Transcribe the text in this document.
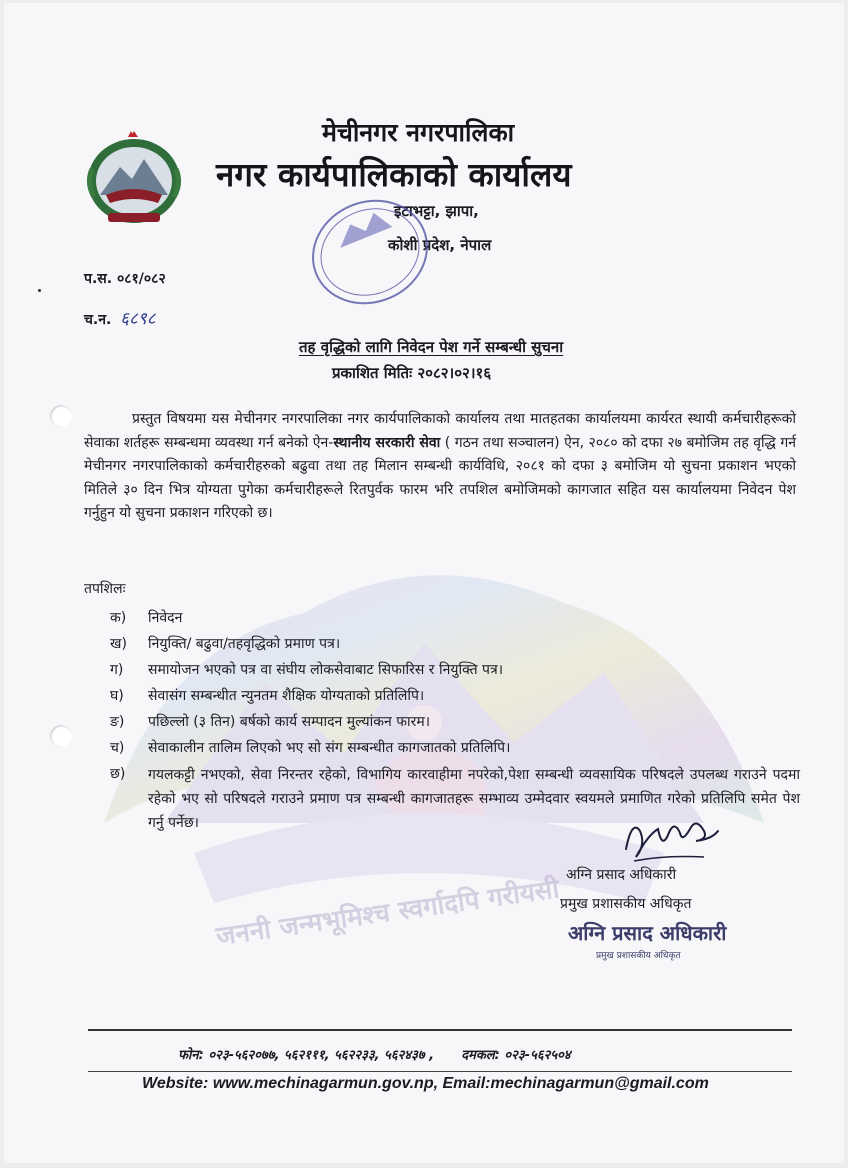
जननी जन्मभूमिश्च स्वर्गादपि गरीयसी
मेचीनगर नगरपालिका
नगर कार्यपालिकाको कार्यालय
इटाभट्टा, झापा,
कोशी प्रदेश, नेपाल
प.स. ०८१/०८२
च.न. ६८९८
तह वृद्धिको लागि निवेदन पेश गर्ने सम्बन्धी सुचना
प्रकाशित मितिः २०८२।०२।१६

प्रस्तुत विषयमा यस मेचीनगर नगरपालिका नगर कार्यपालिकाको कार्यालय तथा मातहतका कार्यालयमा कार्यरत स्थायी कर्मचारीहरूको सेवाका शर्तहरू सम्बन्धमा व्यवस्था गर्न बनेको ऐन-स्थानीय सरकारी सेवा ( गठन तथा सञ्चालन) ऐन, २०८० को दफा २७ बमोजिम तह वृद्धि गर्न मेचीनगर नगरपालिकाको कर्मचारीहरुको बढुवा तथा तह मिलान सम्बन्धी कार्यविधि, २०८१ को दफा ३ बमोजिम यो सुचना प्रकाशन भएको मितिले ३० दिन भित्र योग्यता पुगेका कर्मचारीहरूले रितपुर्वक फारम भरि तपशिल बमोजिमको कागजात सहित यस कार्यालयमा निवेदन पेश गर्नुहुन यो सुचना प्रकाशन गरिएको छ।

तपशिलः
क)	निवेदन
ख)	नियुक्ति/ बढुवा/तहवृद्धिको प्रमाण पत्र।
ग)	समायोजन भएको पत्र वा संघीय लोकसेवाबाट सिफारिस र नियुक्ति पत्र।
घ)	सेवासंग सम्बन्धीत न्युनतम शैक्षिक योग्यताको प्रतिलिपि।
ङ)	पछिल्लो (३ तिन) बर्षको कार्य सम्पादन मुल्यांकन फारम।
च)	सेवाकालीन तालिम लिएको भए सो संग सम्बन्धीत कागजातको प्रतिलिपि।
छ)	गयलकट्टी नभएको, सेवा निरन्तर रहेको, विभागिय कारवाहीमा नपरेको,पेशा सम्बन्धी व्यवसायिक परिषदले उपलब्ध गराउने पदमा रहेको भए सो परिषदले गराउने प्रमाण पत्र सम्बन्धी कागजातहरू सम्भाव्य उम्मेदवार स्वयमले प्रमाणित गरेको प्रतिलिपि समेत पेश गर्नु पर्नेछ।
अग्नि प्रसाद अधिकारी
प्रमुख प्रशासकीय अधिकृत
अग्नि प्रसाद अधिकारी
प्रमुख प्रशासकीय अधिकृत
फोन: ०२३-५६२०७७, ५६२१११, ५६२२३३, ५६२४३७ , दमकल: ०२३-५६२५०४
Website: www.mechinagarmun.gov.np, Email:mechinagarmun@gmail.com
